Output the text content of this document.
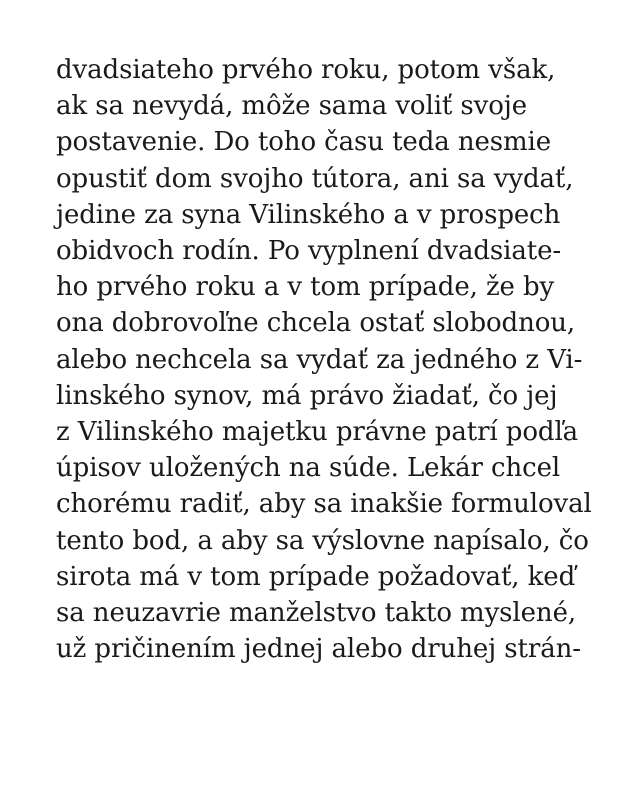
dvadsiateho prvého roku, potom však,
ak sa nevydá, môže sama voliť svoje
postavenie. Do toho času teda nesmie
opustiť dom svojho tútora, ani sa vydať,
jedine za syna Vilinského a v prospech
obidvoch rodín. Po vyplnení dvadsiate-
ho prvého roku a v tom prípade, že by
ona dobrovoľne chcela ostať slobodnou,
alebo nechcela sa vydať za jedného z Vi-
linského synov, má právo žiadať, čo jej
z Vilinského majetku právne patrí podľa
úpisov uložených na súde. Lekár chcel
chorému radiť, aby sa inakšie formuloval
tento bod, a aby sa výslovne napísalo, čo
sirota má v tom prípade požadovať, keď
sa neuzavrie manželstvo takto myslené,
už pričinením jednej alebo druhej strán-
